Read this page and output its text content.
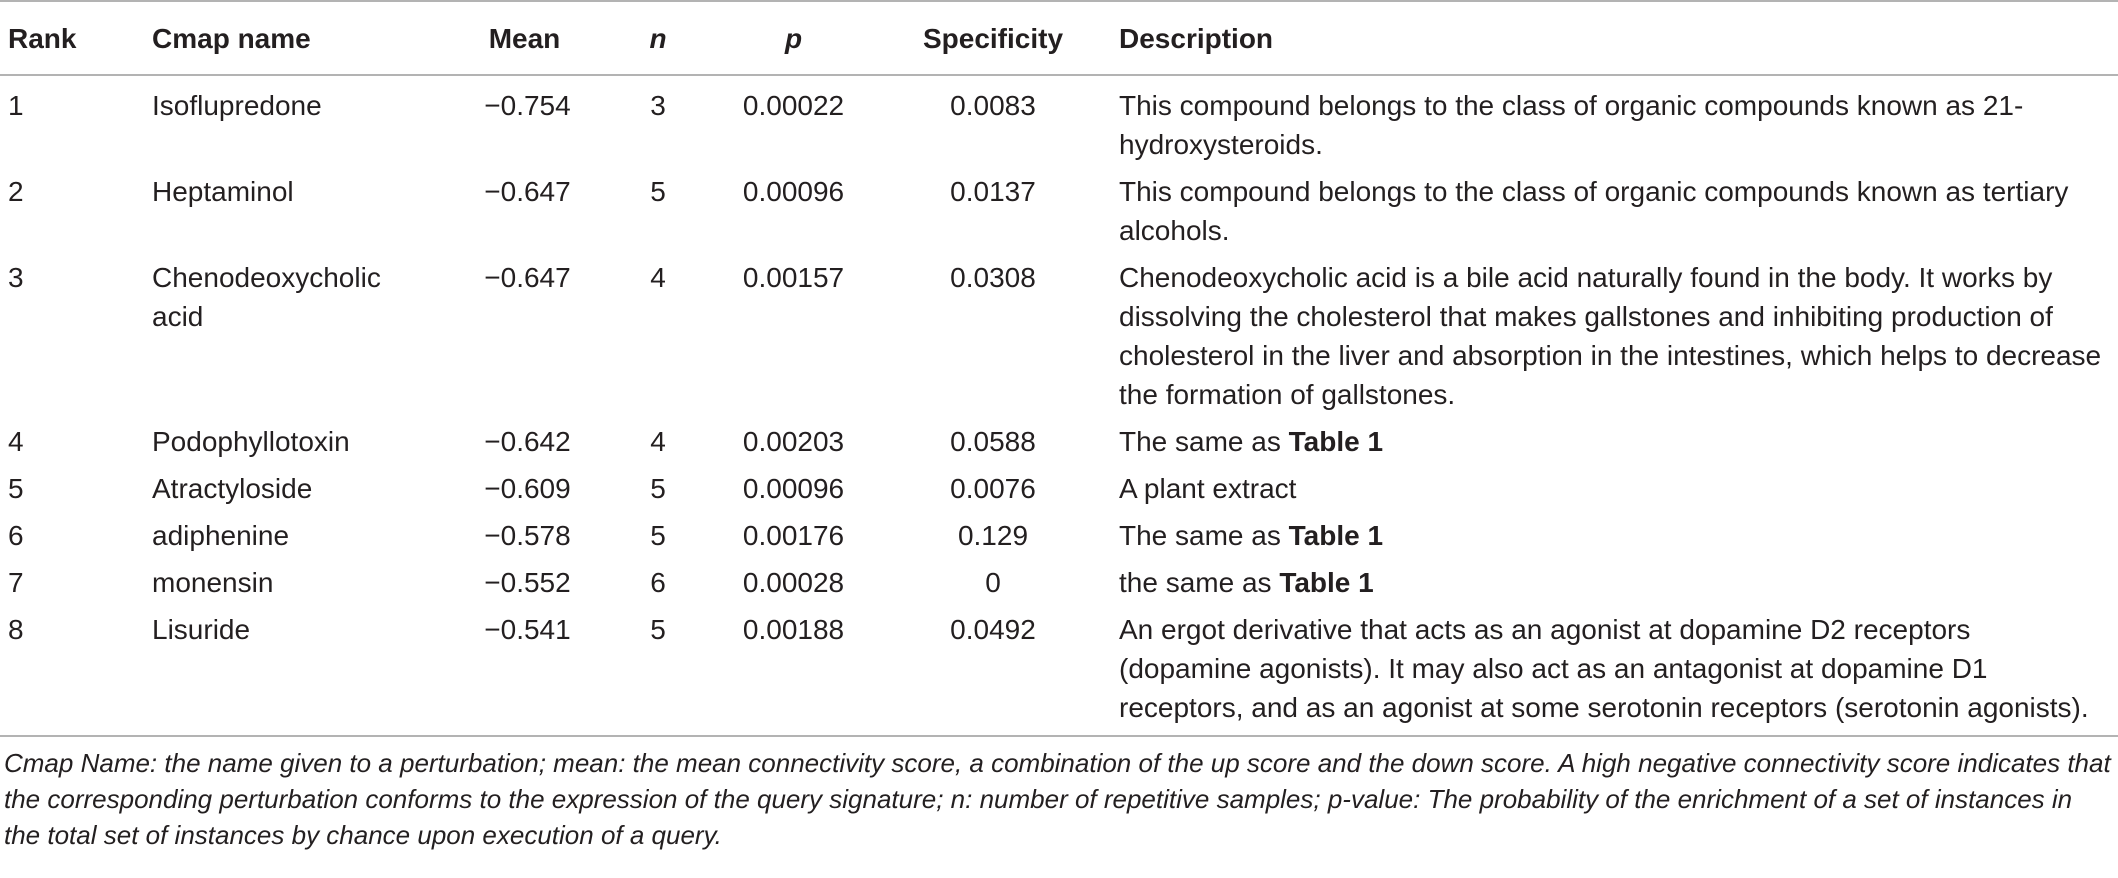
Rank	Cmap name	Mean	n	p	Specificity	Description
1	Isoflupredone	−0.754	3	0.00022	0.0083	This compound belongs to the class of organic compounds known as 21-hydroxysteroids.
2	Heptaminol	−0.647	5	0.00096	0.0137	This compound belongs to the class of organic compounds known as tertiary alcohols.
3	Chenodeoxycholic acid	−0.647	4	0.00157	0.0308	Chenodeoxycholic acid is a bile acid naturally found in the body. It works by dissolving the cholesterol that makes gallstones and inhibiting production of cholesterol in the liver and absorption in the intestines, which helps to decrease the formation of gallstones.
4	Podophyllotoxin	−0.642	4	0.00203	0.0588	The same as Table 1
5	Atractyloside	−0.609	5	0.00096	0.0076	A plant extract
6	adiphenine	−0.578	5	0.00176	0.129	The same as Table 1
7	monensin	−0.552	6	0.00028	0	the same as Table 1
8	Lisuride	−0.541	5	0.00188	0.0492	An ergot derivative that acts as an agonist at dopamine D2 receptors (dopamine agonists). It may also act as an antagonist at dopamine D1 receptors, and as an agonist at some serotonin receptors (serotonin agonists).
Cmap Name: the name given to a perturbation; mean: the mean connectivity score, a combination of the up score and the down score. A high negative connectivity score indicates that the corresponding perturbation conforms to the expression of the query signature; n: number of repetitive samples; p-value: The probability of the enrichment of a set of instances in the total set of instances by chance upon execution of a query.
